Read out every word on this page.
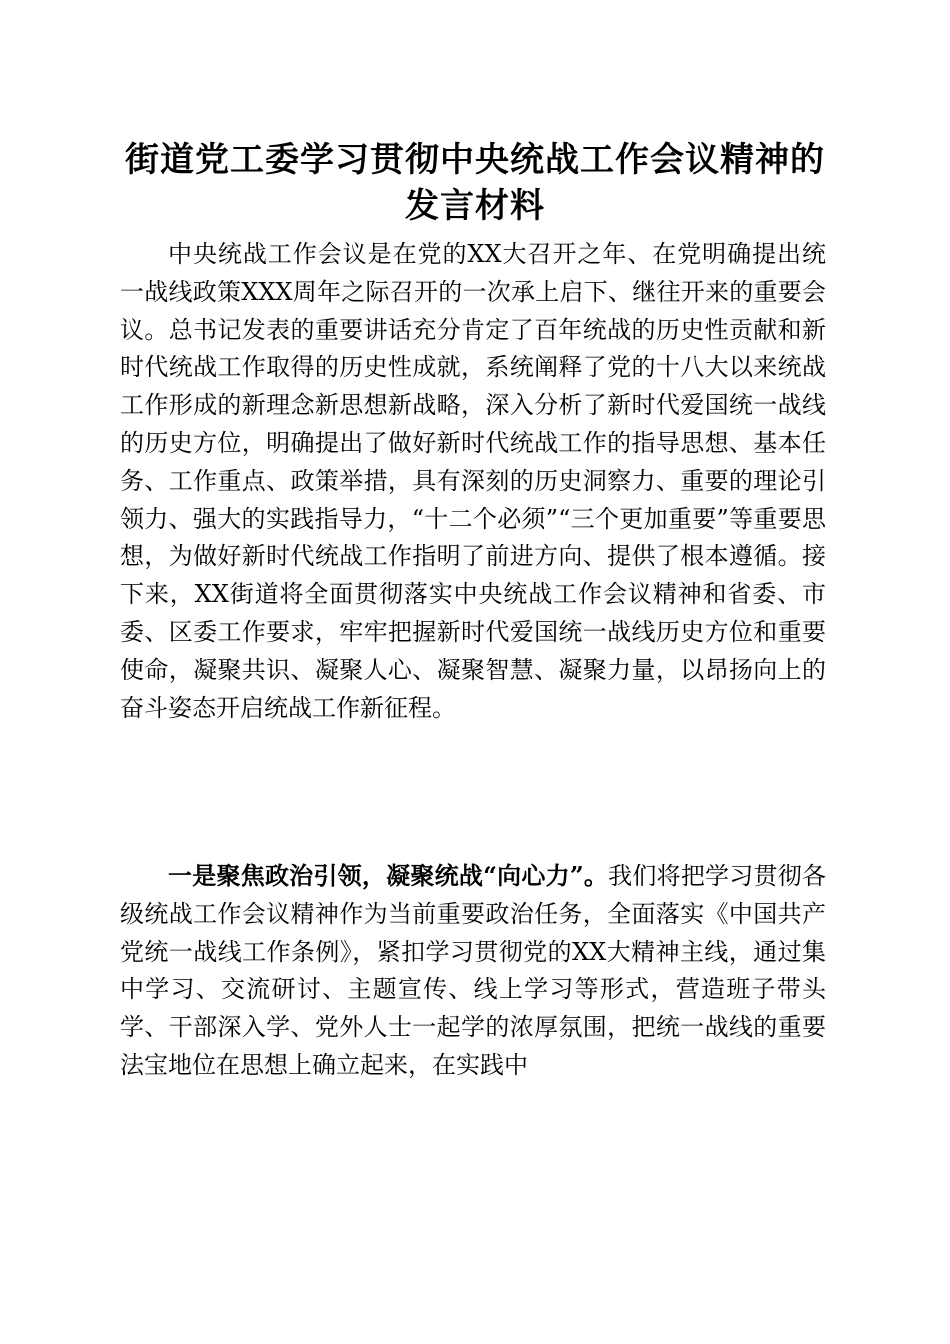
街道党工委学习贯彻中央统战工作会议精神的
发言材料

中央统战工作会议是在党的XX大召开之年、在党明确提出统一战线政策XXX周年之际召开的一次承上启下、继往开来的重要会议。总书记发表的重要讲话充分肯定了百年统战的历史性贡献和新时代统战工作取得的历史性成就，系统阐释了党的十八大以来统战工作形成的新理念新思想新战略，深入分析了新时代爱国统一战线的历史方位，明确提出了做好新时代统战工作的指导思想、基本任务、工作重点、政策举措，具有深刻的历史洞察力、重要的理论引领力、强大的实践指导力，“十二个必须”“三个更加重要”等重要思想，为做好新时代统战工作指明了前进方向、提供了根本遵循。接下来，XX街道将全面贯彻落实中央统战工作会议精神和省委、市委、区委工作要求，牢牢把握新时代爱国统一战线历史方位和重要使命，凝聚共识、凝聚人心、凝聚智慧、凝聚力量，以昂扬向上的奋斗姿态开启统战工作新征程。

一是聚焦政治引领，凝聚统战“向心力”。我们将把学习贯彻各级统战工作会议精神作为当前重要政治任务，全面落实《中国共产党统一战线工作条例》，紧扣学习贯彻党的XX大精神主线，通过集中学习、交流研讨、主题宣传、线上学习等形式，营造班子带头学、干部深入学、党外人士一起学的浓厚氛围，把统一战线的重要法宝地位在思想上确立起来，在实践中
